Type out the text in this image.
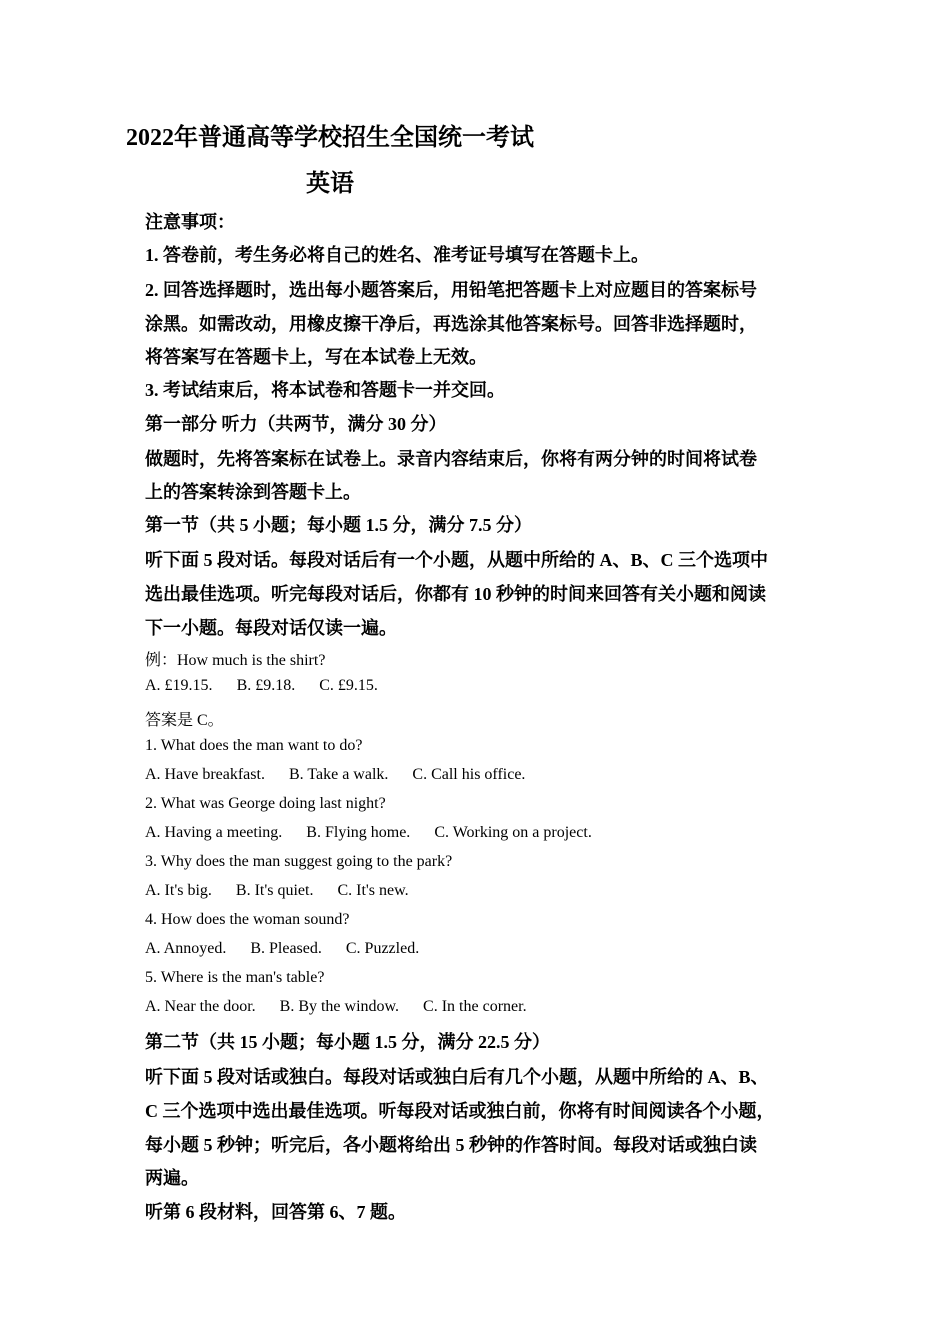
2022年普通高等学校招生全国统一考试
英语
注意事项：
1. 答卷前，考生务必将自己的姓名、准考证号填写在答题卡上。
2. 回答选择题时，选出每小题答案后，用铅笔把答题卡上对应题目的答案标号
涂黑。如需改动，用橡皮擦干净后，再选涂其他答案标号。回答非选择题时，
将答案写在答题卡上，写在本试卷上无效。
3. 考试结束后，将本试卷和答题卡一并交回。
第一部分 听力（共两节，满分 30 分）
做题时，先将答案标在试卷上。录音内容结束后，你将有两分钟的时间将试卷
上的答案转涂到答题卡上。
第一节（共 5 小题；每小题 1.5 分，满分 7.5 分）
听下面 5 段对话。每段对话后有一个小题，从题中所给的 A、B、C 三个选项中
选出最佳选项。听完每段对话后，你都有 10 秒钟的时间来回答有关小题和阅读
下一小题。每段对话仅读一遍。
例：How much is the shirt?
A. £19.15. B. £9.18. C. £9.15.
答案是 C。
1. What does the man want to do?
A. Have breakfast. B. Take a walk. C. Call his office.
2. What was George doing last night?
A. Having a meeting. B. Flying home. C. Working on a project.
3. Why does the man suggest going to the park?
A. It's big. B. It's quiet. C. It's new.
4. How does the woman sound?
A. Annoyed. B. Pleased. C. Puzzled.
5. Where is the man's table?
A. Near the door. B. By the window. C. In the corner.
第二节（共 15 小题；每小题 1.5 分，满分 22.5 分）
听下面 5 段对话或独白。每段对话或独白后有几个小题，从题中所给的 A、B、
C 三个选项中选出最佳选项。听每段对话或独白前，你将有时间阅读各个小题，
每小题 5 秒钟；听完后，各小题将给出 5 秒钟的作答时间。每段对话或独白读
两遍。
听第 6 段材料，回答第 6、7 题。
